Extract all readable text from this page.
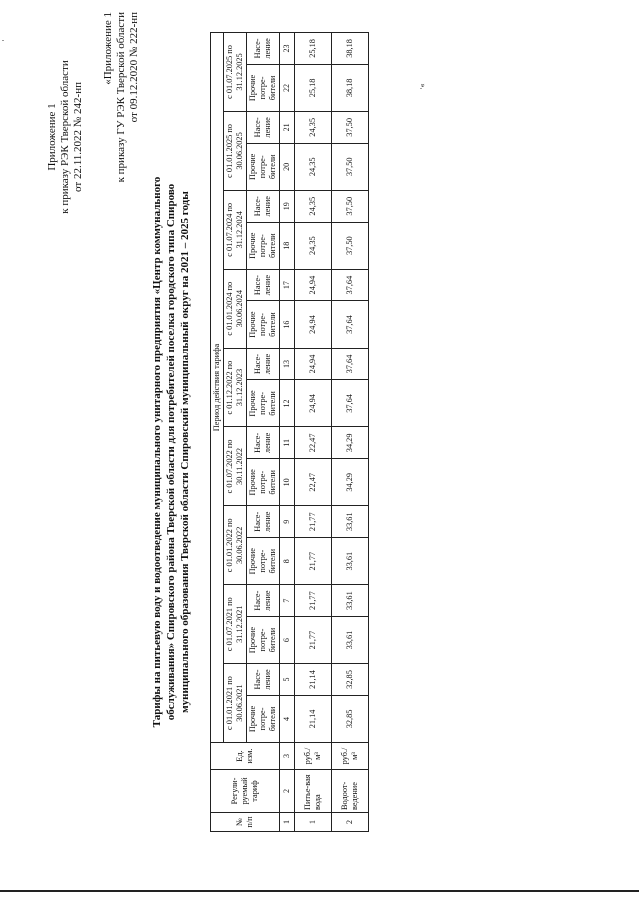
Приложение 1 к приказу РЭК Тверской области от 22.11.2022 № 242-нп
«Приложение 1 к приказу ГУ РЭК Тверской области от 09.12.2020 № 222-нп
Тарифы на питьевую воду и водоотведение муниципального унитарного предприятия «Центр коммунального обслуживания» Спировского района Тверской области для потребителей поселка городского типа Спирово муниципального образования Тверской области Спировский муниципальный округ на 2021 – 2025 годы
№ п/п	Регули-руемый тариф	Ед. изм.	Период действия тарифа																	
			с 01.01.2021 по 30.06.2021		с 01.07.2021 по 31.12.2021		с 01.01.2022 по 30.06.2022		с 01.07.2022 по 30.11.2022		с 01.12.2022 по 31.12.2023		с 01.01.2024 по 30.06.2024		с 01.07.2024 по 31.12.2024		с 01.01.2025 по 30.06.2025		с 01.07.2025 по 31.12.2025	
			Прочие потре-бители	Насе-ление	Прочие потре-бители	Насе-ление	Прочие потре-бители	Насе-ление	Прочие потре-бители	Насе-ление	Прочие потре-бители	Насе-ление	Прочие потре-бители	Насе-ление	Прочие потре-бители	Насе-ление	Прочие потре-бители	Насе-ление	Прочие потре-бители	Насе-ление
1	2	3	4	5	6	7	8	9	10	11	12	13	16	17	18	19	20	21	22	23
1	Питье-вая вода	руб./м³	21,14	21,14	21,77	21,77	21,77	21,77	22,47	22,47	24,94	24,94	24,94	24,94	24,35	24,35	24,35	24,35	25,18	25,18
2	Водоот-ведение	руб./м³	32,85	32,85	33,61	33,61	33,61	33,61	34,29	34,29	37,64	37,64	37,64	37,64	37,50	37,50	37,50	37,50	38,18	38,18
».
